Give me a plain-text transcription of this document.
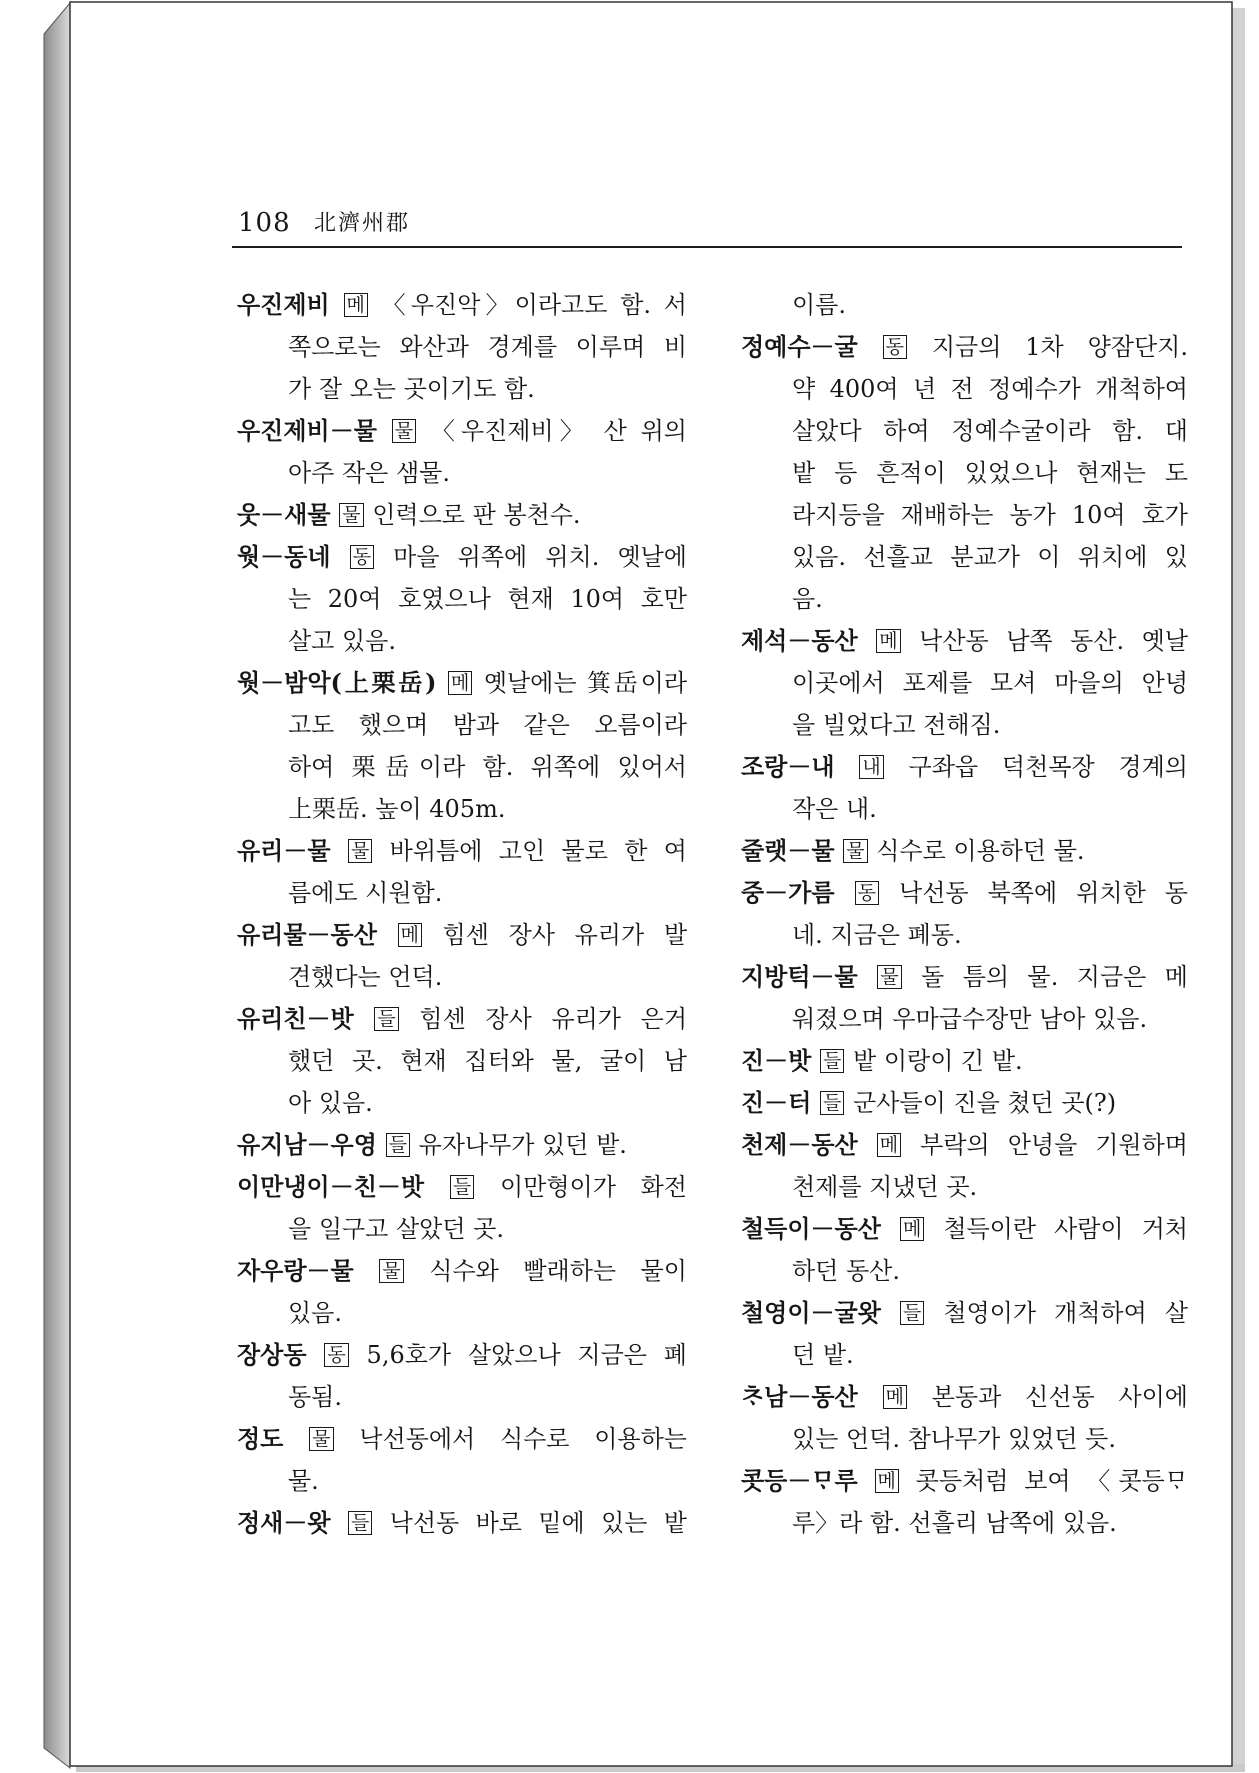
108 北濟州郡
우진제비 메 〈우진악〉이라고도 함. 서
쪽으로는 와산과 경계를 이루며 비
가 잘 오는 곳이기도 함.
우진제비－물 물 〈우진제비〉 산 위의
아주 작은 샘물.
웃－새물 물 인력으로 판 봉천수.
웟－동네 동 마을 위쪽에 위치. 옛날에
는 20여 호였으나 현재 10여 호만
살고 있음.
웟－밤악(上栗岳) 메 옛날에는 箕岳이라
고도 했으며 밤과 같은 오름이라
하여 栗岳이라 함. 위쪽에 있어서
上栗岳. 높이 405m.
유리－물 물 바위틈에 고인 물로 한 여
름에도 시원함.
유리물－동산 메 힘센 장사 유리가 발
견했다는 언덕.
유리친－밧 들 힘센 장사 유리가 은거
했던 곳. 현재 집터와 물, 굴이 남
아 있음.
유지남－우영 들 유자나무가 있던 밭.
이만냉이－친－밧 들 이만형이가 화전
을 일구고 살았던 곳.
자우랑－물 물 식수와 빨래하는 물이
있음.
장상동 동 5,6호가 살았으나 지금은 폐
동됨.
정도 물 낙선동에서 식수로 이용하는
물.
정새－왓 들 낙선동 바로 밑에 있는 밭
이름.
정예수－굴 동 지금의 1차 양잠단지.
약 400여 년 전 정예수가 개척하여
살았다 하여 정예수굴이라 함. 대
밭 등 흔적이 있었으나 현재는 도
라지등을 재배하는 농가 10여 호가
있음. 선흘교 분교가 이 위치에 있
음.
제석－동산 메 낙산동 남쪽 동산. 옛날
이곳에서 포제를 모셔 마을의 안녕
을 빌었다고 전해짐.
조랑－내 내 구좌읍 덕천목장 경계의
작은 내.
줄랫－물 물 식수로 이용하던 물.
중－가름 동 낙선동 북쪽에 위치한 동
네. 지금은 폐동.
지방턱－물 물 돌 틈의 물. 지금은 메
워졌으며 우마급수장만 남아 있음.
진－밧 들 밭 이랑이 긴 밭.
진－터 들 군사들이 진을 쳤던 곳(?)
천제－동산 메 부락의 안녕을 기원하며
천제를 지냈던 곳.
철득이－동산 메 철득이란 사람이 거처
하던 동산.
철영이－굴왓 들 철영이가 개척하여 살
던 밭.
ᄎᆞ남－동산 메 본동과 신선동 사이에
있는 언덕. 참나무가 있었던 듯.
콧등－ᄆᆞ루 메 콧등처럼 보여 〈콧등ᄆᆞ
루〉라 함. 선흘리 남쪽에 있음.
